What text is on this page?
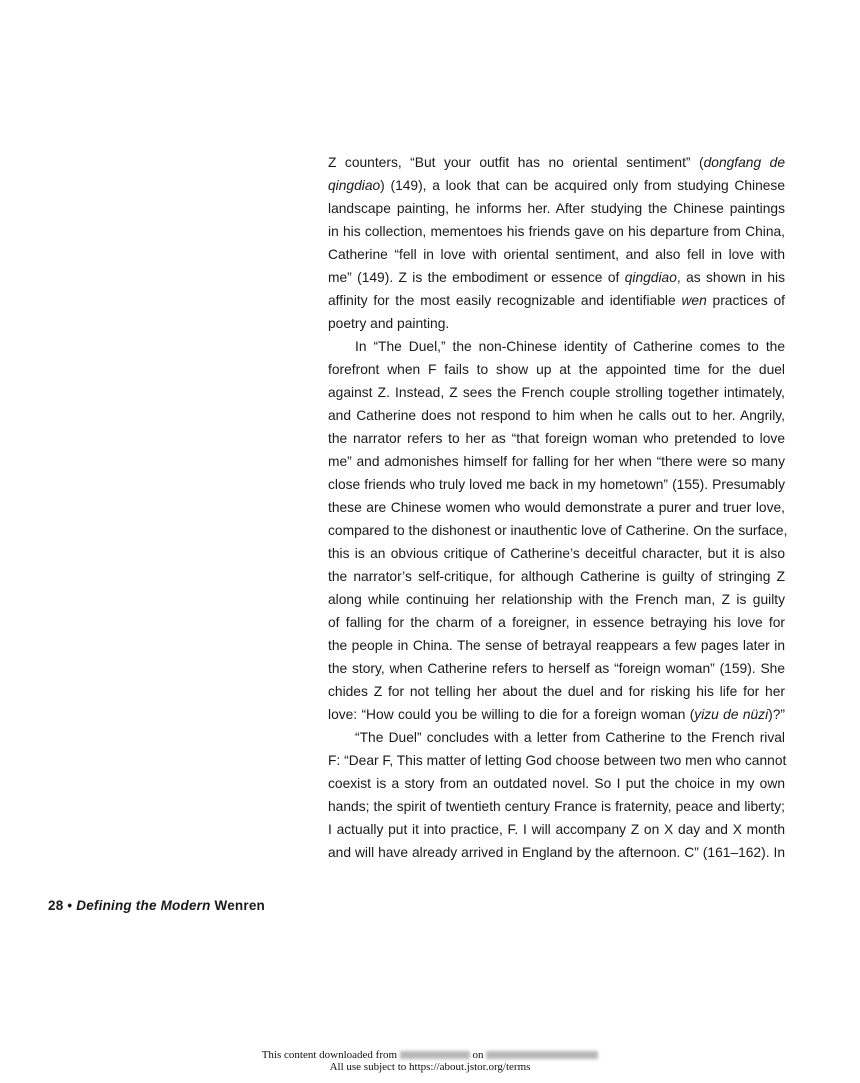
Z counters, “But your outfit has no oriental sentiment” (dongfang de
qingdiao) (149), a look that can be acquired only from studying Chinese
landscape painting, he informs her. After studying the Chinese paintings
in his collection, mementoes his friends gave on his departure from China,
Catherine “fell in love with oriental sentiment, and also fell in love with
me” (149). Z is the embodiment or essence of qingdiao, as shown in his
affinity for the most easily recognizable and identifiable wen practices of
poetry and painting.
In “The Duel,” the non-Chinese identity of Catherine comes to the
forefront when F fails to show up at the appointed time for the duel
against Z. Instead, Z sees the French couple strolling together intimately,
and Catherine does not respond to him when he calls out to her. Angrily,
the narrator refers to her as “that foreign woman who pretended to love
me” and admonishes himself for falling for her when “there were so many
close friends who truly loved me back in my hometown” (155). Presumably
these are Chinese women who would demonstrate a purer and truer love,
compared to the dishonest or inauthentic love of Catherine. On the surface,
this is an obvious critique of Catherine’s deceitful character, but it is also
the narrator’s self-critique, for although Catherine is guilty of stringing Z
along while continuing her relationship with the French man, Z is guilty
of falling for the charm of a foreigner, in essence betraying his love for
the people in China. The sense of betrayal reappears a few pages later in
the story, when Catherine refers to herself as “foreign woman” (159). She
chides Z for not telling her about the duel and for risking his life for her
love: “How could you be willing to die for a foreign woman (yizu de nüzi)?”
“The Duel” concludes with a letter from Catherine to the French rival
F: “Dear F, This matter of letting God choose between two men who cannot
coexist is a story from an outdated novel. So I put the choice in my own
hands; the spirit of twentieth century France is fraternity, peace and liberty;
I actually put it into practice, F. I will accompany Z on X day and X month
and will have already arrived in England by the afternoon. C” (161–162). In
28 • Defining the Modern Wenren
This content downloaded from	on
All use subject to https://about.jstor.org/terms
